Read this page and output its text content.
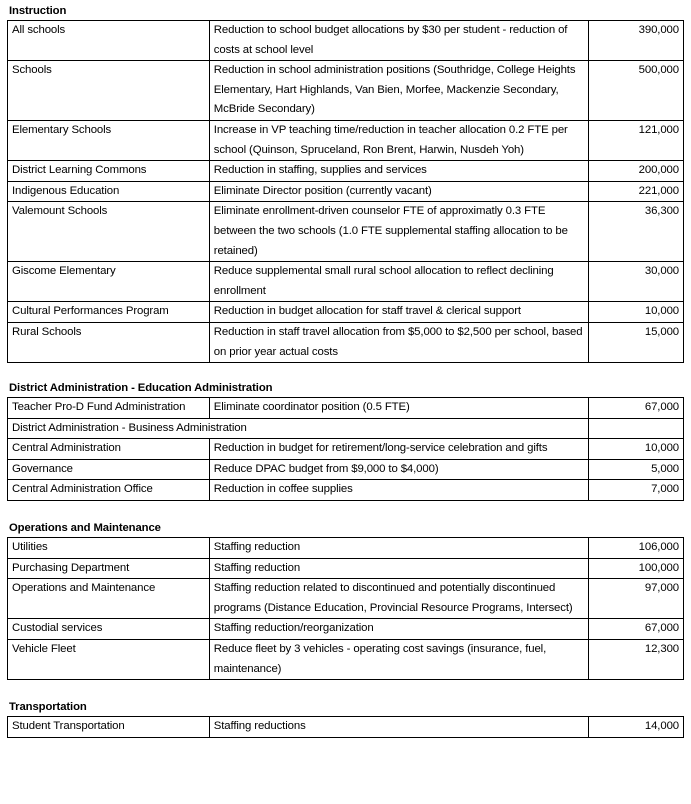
Instruction
All schools	Reduction to school budget allocations by $30 per student - reduction of costs at school level	390,000
Schools	Reduction in school administration positions (Southridge, College Heights Elementary, Hart Highlands, Van Bien, Morfee, Mackenzie Secondary, McBride Secondary)	500,000
Elementary Schools	Increase in VP teaching time/reduction in teacher allocation 0.2 FTE per school (Quinson, Spruceland, Ron Brent, Harwin, Nusdeh Yoh)	121,000
District Learning Commons	Reduction in staffing, supplies and services	200,000
Indigenous Education	Eliminate Director position (currently vacant)	221,000
Valemount Schools	Eliminate enrollment-driven counselor FTE of approximatly 0.3 FTE between the two schools (1.0 FTE supplemental staffing allocation to be retained)	36,300
Giscome Elementary	Reduce supplemental small rural school allocation to reflect declining enrollment	30,000
Cultural Performances Program	Reduction in budget allocation for staff travel & clerical support	10,000
Rural Schools	Reduction in staff travel allocation from $5,000 to $2,500 per school, based on prior year actual costs	15,000
District Administration - Education Administration
Teacher Pro-D Fund Administration	Eliminate coordinator position (0.5 FTE)	67,000
District Administration - Business Administration		
Central Administration	Reduction in budget for retirement/long-service celebration and gifts	10,000
Governance	Reduce DPAC budget from $9,000 to $4,000)	5,000
Central Administration Office	Reduction in coffee supplies	7,000
Operations and Maintenance
Utilities	Staffing reduction	106,000
Purchasing Department	Staffing reduction	100,000
Operations and Maintenance	Staffing reduction related to discontinued and potentially discontinued programs (Distance Education, Provincial Resource Programs, Intersect)	97,000
Custodial services	Staffing reduction/reorganization	67,000
Vehicle Fleet	Reduce fleet by 3 vehicles - operating cost savings (insurance, fuel, maintenance)	12,300
Transportation
Student Transportation	Staffing reductions	14,000
